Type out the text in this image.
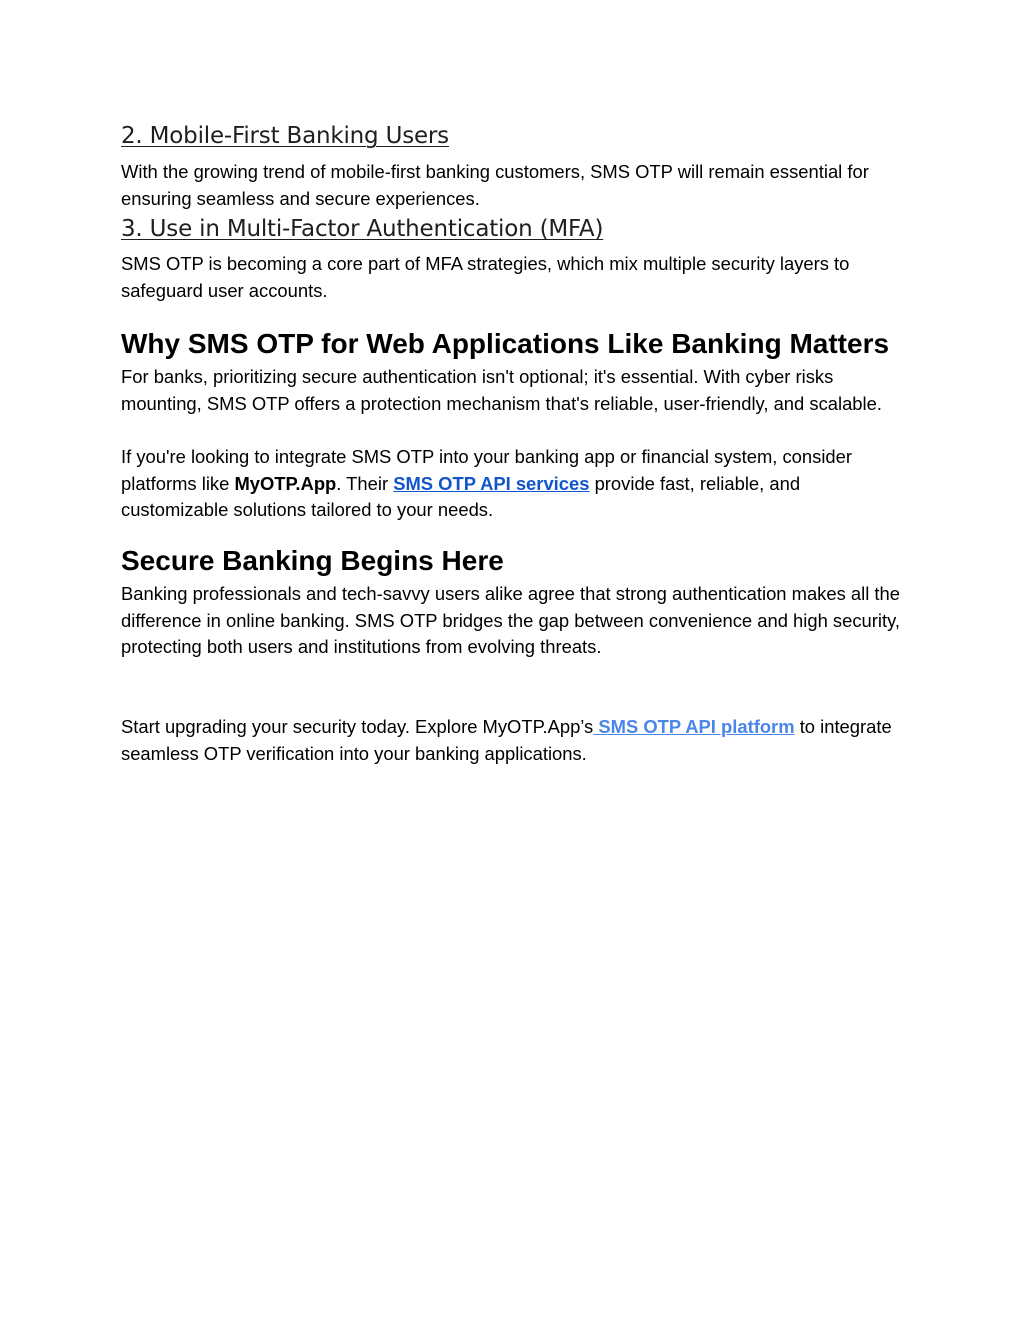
2. Mobile-First Banking Users

With the growing trend of mobile-first banking customers, SMS OTP will remain essential for ensuring seamless and secure experiences.

3. Use in Multi-Factor Authentication (MFA)

SMS OTP is becoming a core part of MFA strategies, which mix multiple security layers to safeguard user accounts.

Why SMS OTP for Web Applications Like Banking Matters

For banks, prioritizing secure authentication isn't optional; it's essential. With cyber risks mounting, SMS OTP offers a protection mechanism that's reliable, user-friendly, and scalable.

If you're looking to integrate SMS OTP into your banking app or financial system, consider platforms like MyOTP.App. Their SMS OTP API services provide fast, reliable, and customizable solutions tailored to your needs.

Secure Banking Begins Here

Banking professionals and tech-savvy users alike agree that strong authentication makes all the difference in online banking. SMS OTP bridges the gap between convenience and high security, protecting both users and institutions from evolving threats.

Start upgrading your security today. Explore MyOTP.App’s SMS OTP API platform to integrate seamless OTP verification into your banking applications.
